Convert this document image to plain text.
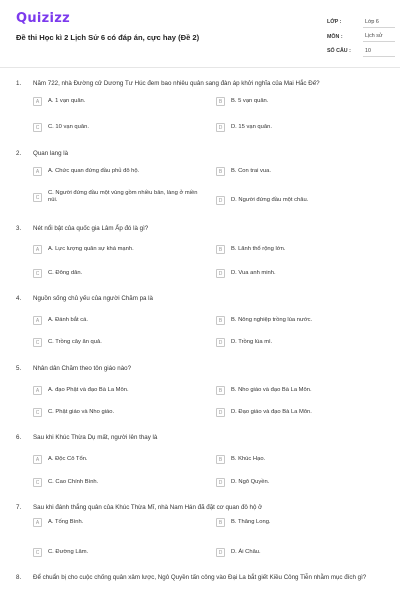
Quizizz
Đề thi Học kì 2 Lịch Sử 6 có đáp án, cực hay (Đề 2)
LỚP :	Lớp 6
MÔN :	Lịch sử
SỐ CÂU :	10
1. Năm 722, nhà Đường cử Dương Tư Húc đem bao nhiêu quân sang đàn áp khởi nghĩa của Mai Hắc Đế?
A	A. 1 vạn quân.	B	B. 5 vạn quân.
C	C. 10 vạn quân.	D	D. 15 vạn quân.
2. Quan lang là
A	A. Chức quan đứng đầu phủ đô hộ.	B	B. Con trai vua.
C
C. Người đứng đầu một vùng gồm nhiều bản, làng ở miền núi.	D	D. Người đứng đầu một châu.
3. Nét nổi bật của quốc gia Lâm Ấp đó là gì?
A	A. Lực lượng quân sự khá mạnh.	B	B. Lãnh thổ rộng lớn.
C	C. Đông dân.	D	D. Vua anh minh.
4. Nguồn sống chủ yếu của người Chăm pa là
A	A. Đánh bắt cá.	B	B. Nông nghiệp trồng lúa nước.
C	C. Trồng cây ăn quả.	D	D. Trồng lúa mì.
5. Nhân dân Chăm theo tôn giáo nào?
A	A. đạo Phật và đạo Bà La Môn.	B	B. Nho giáo và đạo Bà La Môn.
C	C. Phật giáo và Nho giáo.	D	D. Đạo giáo và đạo Bà La Môn.
6. Sau khi Khúc Thừa Dụ mất, người lên thay là
A	A. Độc Cô Tổn.	B	B. Khúc Hạo.
C	C. Cao Chính Bình.	D	D. Ngô Quyền.
7. Sau khi đánh thắng quân của Khúc Thừa Mĩ, nhà Nam Hán đã đặt cơ quan đô hộ ở
A	A. Tống Bình.	B	B. Thăng Long.
C	C. Đường Lâm.	D	D. Ái Châu.
8. Để chuẩn bị cho cuộc chống quân xâm lược, Ngô Quyền tấn công vào Đại La bắt giết Kiều Công Tiễn nhằm mục đích gì?
